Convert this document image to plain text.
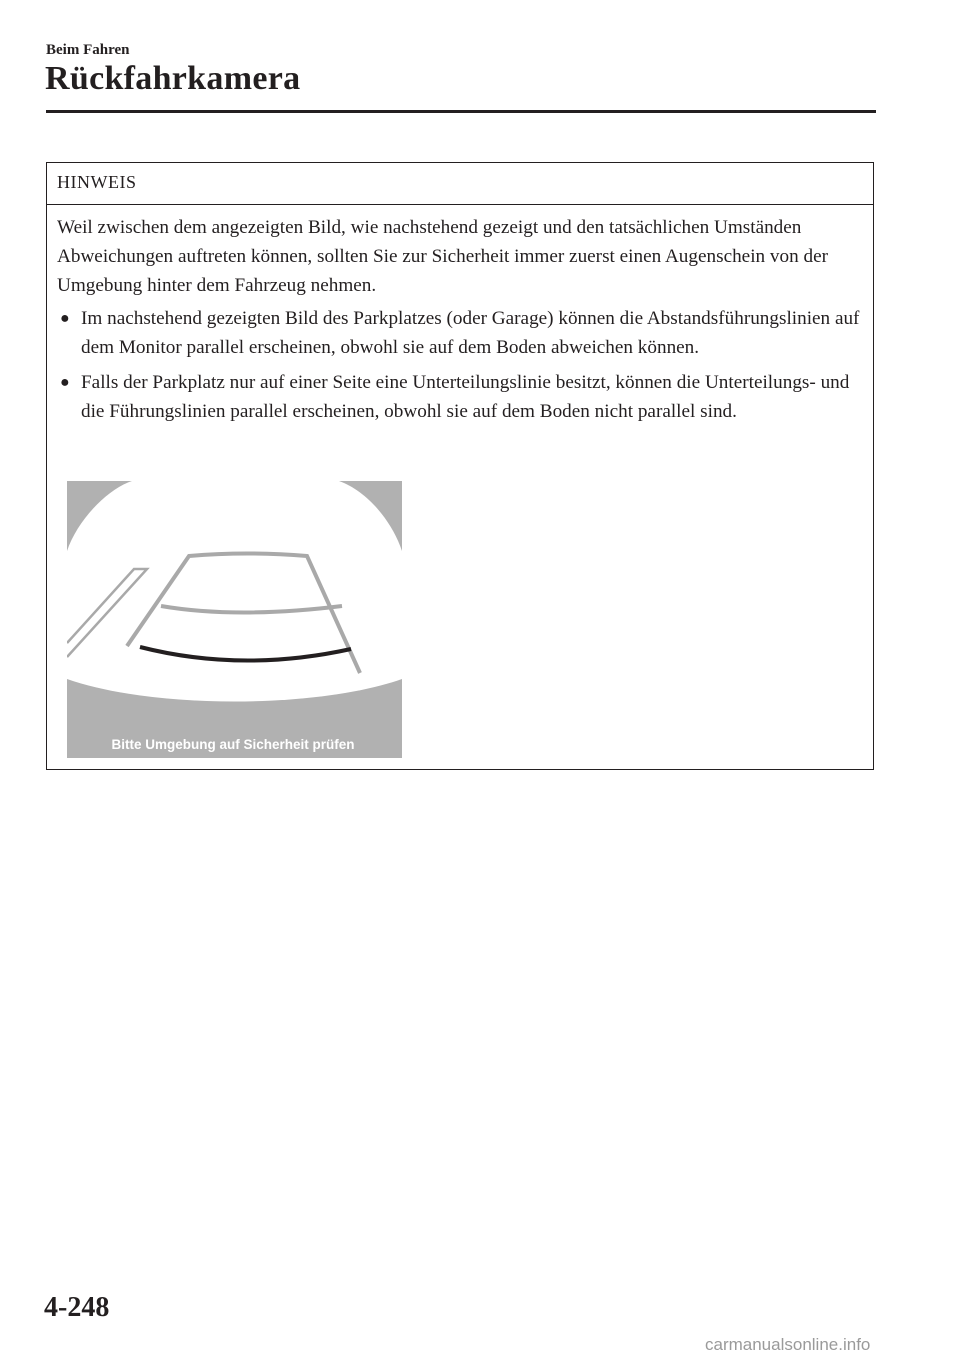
Beim Fahren
Rückfahrkamera
HINWEIS

Weil zwischen dem angezeigten Bild, wie nachstehend gezeigt und den tatsächlichen Umständen Abweichungen auftreten können, sollten Sie zur Sicherheit immer zuerst einen Augenschein von der Umgebung hinter dem Fahrzeug nehmen.

● Im nachstehend gezeigten Bild des Parkplatzes (oder Garage) können die Abstandsführungslinien auf dem Monitor parallel erscheinen, obwohl sie auf dem Boden abweichen können.
● Falls der Parkplatz nur auf einer Seite eine Unterteilungslinie besitzt, können die Unterteilungs- und die Führungslinien parallel erscheinen, obwohl sie auf dem Boden nicht parallel sind.
Bitte Umgebung auf Sicherheit prüfen
4-248
carmanualsonline.info
